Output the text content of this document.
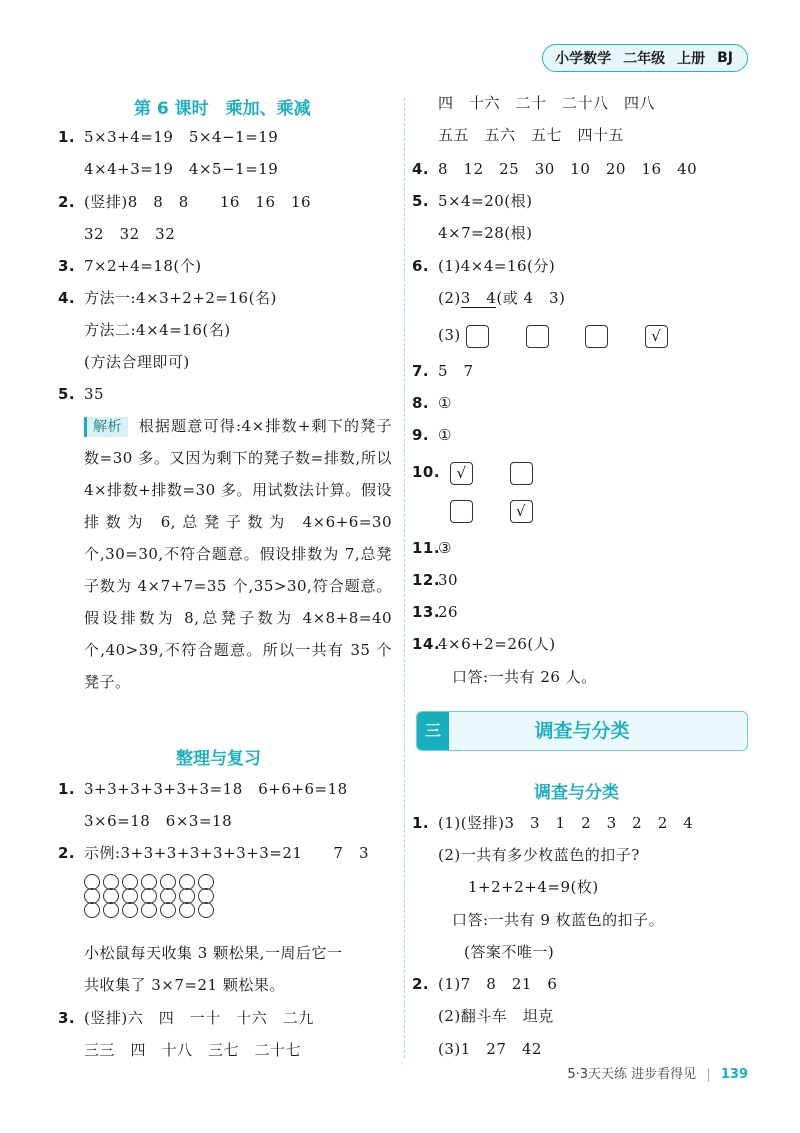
小学数学 二年级 上册 BJ
第 6 课时　乘加、乘减
1. 5×3+4=19　5×4−1=19
4×4+3=19　4×5−1=19
2. (竖排)8　8　8　　16　16　16
32　32　32
3. 7×2+4=18(个)
4. 方法一:4×3+2+2=16(名)
方法二:4×4=16(名)
(方法合理即可)
5. 35
解析 根据题意可得:4×排数+剩下的凳子数=30 多。又因为剩下的凳子数=排数,所以 4×排数+排数=30 多。用试数法计算。假设排数为 6,总凳子数为 4×6+6=30 个,30=30,不符合题意。假设排数为 7,总凳子数为 4×7+7=35 个,35>30,符合题意。假设排数为 8,总凳子数为 4×8+8=40 个,40>39,不符合题意。所以一共有 35 个凳子。
整理与复习
1. 3+3+3+3+3+3=18　6+6+6=18
3×6=18　6×3=18
2. 示例:3+3+3+3+3+3+3=21　　7　3
小松鼠每天收集 3 颗松果,一周后它一
共收集了 3×7=21 颗松果。
3. (竖排)六　四　一十　十六　二九
三三　四　十八　三七　二十七
四　十六　二十　二十八　四八
五五　五六　五七　四十五
4. 8　12　25　30　10　20　16　40
5. 5×4=20(根)
4×7=28(根)
6. (1)4×4=16(分)
(2)3　4(或 4　3)
(3)	√
7. 5　7
8. ①
9. ①
10.	√
√
11.
③
12.
30
13.
26
14.
4×6+2=26(人)
口答:一共有 26 人。
调查与分类
三
调查与分类
1. (1)(竖排)3　3　1　2　3　2　2　4
(2)一共有多少枚蓝色的扣子?
1+2+2+4=9(枚)
口答:一共有 9 枚蓝色的扣子。
(答案不唯一)
2. (1)7　8　21　6
(2)翻斗车　坦克
(3)1　27　42
5·3天天练 进步看得见 | 139
